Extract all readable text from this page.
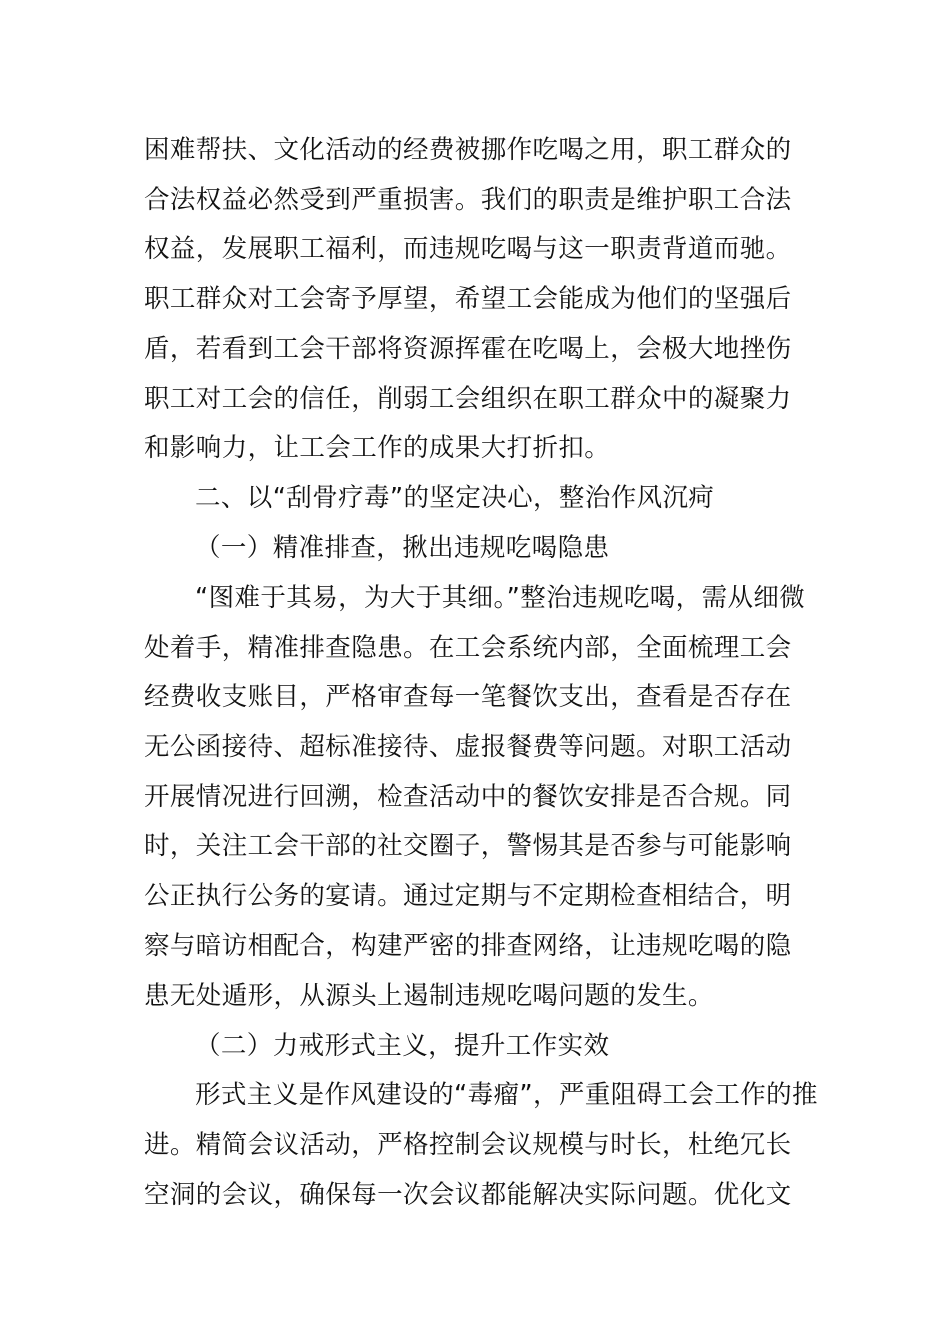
困难帮扶、文化活动的经费被挪作吃喝之用，职工群众的

合法权益必然受到严重损害。我们的职责是维护职工合法

权益，发展职工福利，而违规吃喝与这一职责背道而驰。

职工群众对工会寄予厚望，希望工会能成为他们的坚强后

盾，若看到工会干部将资源挥霍在吃喝上，会极大地挫伤

职工对工会的信任，削弱工会组织在职工群众中的凝聚力

和影响力，让工会工作的成果大打折扣。

二、以“刮骨疗毒”的坚定决心，整治作风沉疴

（一）精准排查，揪出违规吃喝隐患

“图难于其易，为大于其细。”整治违规吃喝，需从细微

处着手，精准排查隐患。在工会系统内部，全面梳理工会

经费收支账目，严格审查每一笔餐饮支出，查看是否存在

无公函接待、超标准接待、虚报餐费等问题。对职工活动

开展情况进行回溯，检查活动中的餐饮安排是否合规。同

时，关注工会干部的社交圈子，警惕其是否参与可能影响

公正执行公务的宴请。通过定期与不定期检查相结合，明

察与暗访相配合，构建严密的排查网络，让违规吃喝的隐

患无处遁形，从源头上遏制违规吃喝问题的发生。

（二）力戒形式主义，提升工作实效

形式主义是作风建设的“毒瘤”，严重阻碍工会工作的推

进。精简会议活动，严格控制会议规模与时长，杜绝冗长

空洞的会议，确保每一次会议都能解决实际问题。优化文
